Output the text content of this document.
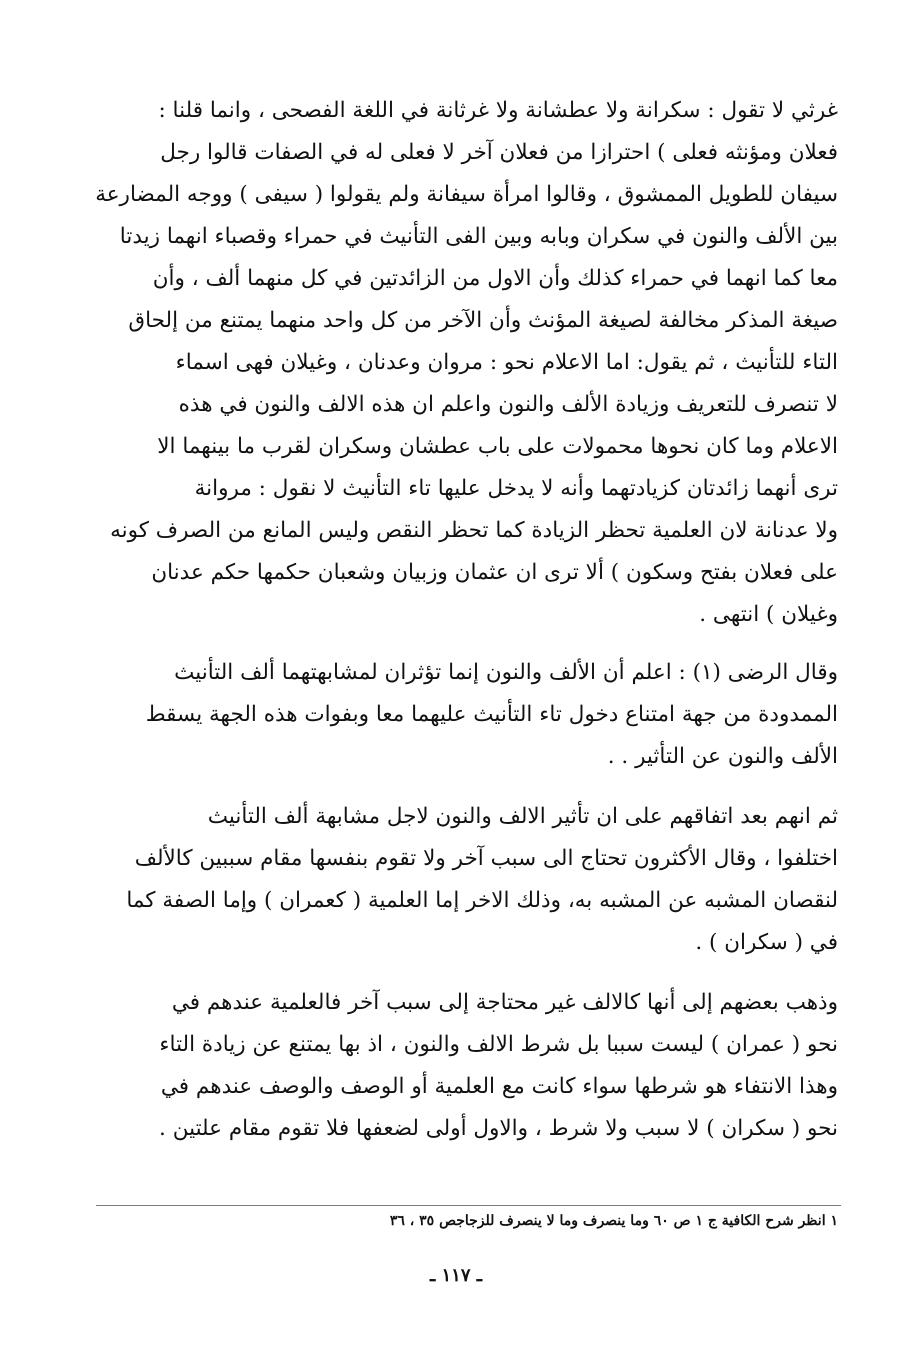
غرثي لا تقول : سكرانة ولا عطشانة ولا غرثانة في اللغة الفصحى ، وانما قلنا :
فعلان ومؤنثه فعلى ) احترازا من فعلان آخر لا فعلى له في الصفات قالوا رجل
سيفان للطويل الممشوق ، وقالوا امرأة سيفانة ولم يقولوا ( سيفى ) ووجه المضارعة
بين الألف والنون في سكران وبابه وبين الفى التأنيث في حمراء وقصباء انهما زيدتا
معا كما انهما في حمراء كذلك وأن الاول من الزائدتين في كل منهما ألف ، وأن
صيغة المذكر مخالفة لصيغة المؤنث وأن الآخر من كل واحد منهما يمتنع من إلحاق
التاء للتأنيث ، ثم يقول: اما الاعلام نحو : مروان وعدنان ، وغيلان فهى اسماء
لا تنصرف للتعريف وزيادة الألف والنون واعلم ان هذه الالف والنون في هذه
الاعلام وما كان نحوها محمولات على باب عطشان وسكران لقرب ما بينهما الا
ترى أنهما زائدتان كزيادتهما وأنه لا يدخل عليها تاء التأنيث لا نقول : مروانة
ولا عدنانة لان العلمية تحظر الزيادة كما تحظر النقص وليس المانع من الصرف كونه
على فعلان بفتح وسكون ) ألا ترى ان عثمان وزبيان وشعبان حكمها حكم عدنان
وغيلان ) انتهى .
وقال الرضى (١) : اعلم أن الألف والنون إنما تؤثران لمشابهتهما ألف التأنيث
الممدودة من جهة امتناع دخول تاء التأنيث عليهما معا وبفوات هذه الجهة يسقط
الألف والنون عن التأثير . .
ثم انهم بعد اتفاقهم على ان تأثير الالف والنون لاجل مشابهة ألف التأنيث
اختلفوا ، وقال الأكثرون تحتاج الى سبب آخر ولا تقوم بنفسها مقام سببين كالألف
لنقصان المشبه عن المشبه به، وذلك الاخر إما العلمية ( كعمران ) وإما الصفة كما
في ( سكران ) .
وذهب بعضهم إلى أنها كالالف غير محتاجة إلى سبب آخر فالعلمية عندهم في
نحو ( عمران ) ليست سببا بل شرط الالف والنون ، اذ بها يمتنع عن زيادة التاء
وهذا الانتفاء هو شرطها سواء كانت مع العلمية أو الوصف والوصف عندهم في
نحو ( سكران ) لا سبب ولا شرط ، والاول أولى لضعفها فلا تقوم مقام علتين .
١ انظر شرح الكافية ج ١ ص ٦٠ وما ينصرف وما لا ينصرف للزجاجص ٣٥ ، ٣٦
ـ ١١٧ ـ
